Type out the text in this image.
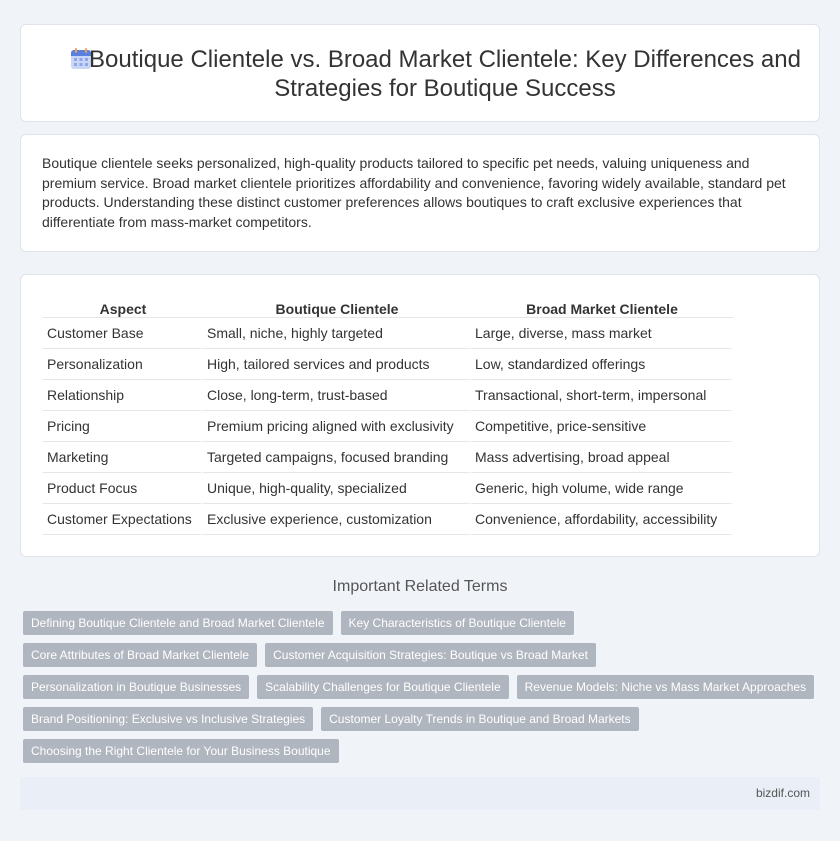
Boutique Clientele vs. Broad Market Clientele: Key Differences and Strategies for Boutique Success

Boutique clientele seeks personalized, high-quality products tailored to specific pet needs, valuing uniqueness and premium service. Broad market clientele prioritizes affordability and convenience, favoring widely available, standard pet products. Understanding these distinct customer preferences allows boutiques to craft exclusive experiences that differentiate from mass-market competitors.

Aspect	Boutique Clientele	Broad Market Clientele
Customer Base	Small, niche, highly targeted	Large, diverse, mass market
Personalization	High, tailored services and products	Low, standardized offerings
Relationship	Close, long-term, trust-based	Transactional, short-term, impersonal
Pricing	Premium pricing aligned with exclusivity	Competitive, price-sensitive
Marketing	Targeted campaigns, focused branding	Mass advertising, broad appeal
Product Focus	Unique, high-quality, specialized	Generic, high volume, wide range
Customer Expectations	Exclusive experience, customization	Convenience, affordability, accessibility
Important Related Terms
Defining Boutique Clientele and Broad Market Clientele	Key Characteristics of Boutique Clientele
Core Attributes of Broad Market Clientele	Customer Acquisition Strategies: Boutique vs Broad Market
Personalization in Boutique Businesses	Scalability Challenges for Boutique Clientele	Revenue Models: Niche vs Mass Market Approaches
Brand Positioning: Exclusive vs Inclusive Strategies	Customer Loyalty Trends in Boutique and Broad Markets
Choosing the Right Clientele for Your Business Boutique
bizdif.com
